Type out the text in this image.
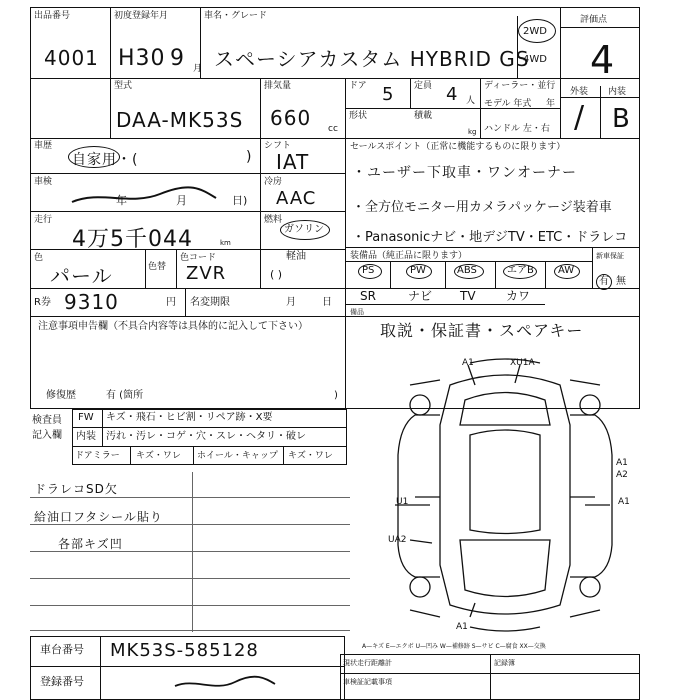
出品番号
4001
初度登録年月
H30 9 月
車名・グレード
スペーシアカスタム HYBRID GS
2WD
4WD
評価点
4
外装 内装
/ B
型式
DAA-MK53S
排気量
660 cc
ドア 5 定員 4 人
形状	積載
kg
ディーラー・並行
モデル 年式 年
ハンドル 左・右
車歴
自家用・(	)
シフト
IAT
車検
年	月	日)
冷房
AAC
走行
4万5千044	km
燃料
ガソリン
色
パール	色替
色コード
ZVR
軽油
( )
R券 9310	円 名変期限	月	日
セールスポイント（正常に機能するものに限ります）
・ユーザー下取車・ワンオーナー
・全方位モニター用カメラパッケージ装着車
・Panasonicナビ・地デジTV・ETC・ドラレコ
装備品（純正品に限ります）	新車保証
PS	PW	ABS	エアB AW
有 無
SR	ナビ TV	カワ
備品
取説・保証書・スペアキー
注意事項申告欄（不具合内容等は具体的に記入して下さい）
修復歴	有 (箇所	)
検査員
記入欄
FW キズ・飛石・ヒビ割・リペア跡・X要
内装 汚れ・汚レ・コゲ・穴・スレ・ヘタリ・破レ
ドアミラー キズ・ワレ ホイール・キャップ キズ・ワレ
ドラレコSD欠
給油口フタシール貼り
各部キズ凹
A1	XU1A
A1
A2
U1	A1
UA2
A1
車台番号 MK53S-585128
登録番号
A—キズ E—エクボ U—凹み W—補修跡 S—サビ C—腐食 XX—交換
現状走行距離計	記録簿
車検証記載事項
